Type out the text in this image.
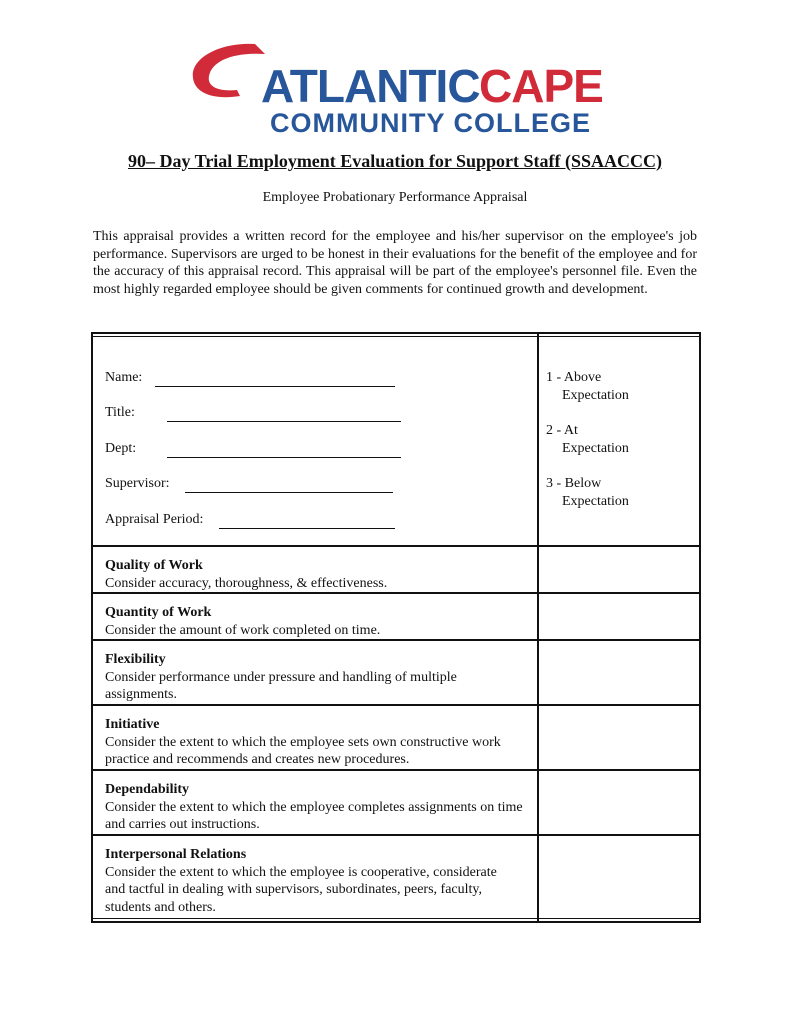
ATLANTIC CAPE
COMMUNITY COLLEGE
90– Day Trial Employment Evaluation for Support Staff (SSAACCC)
Employee Probationary Performance Appraisal

This appraisal provides a written record for the employee and his/her supervisor on the employee's job performance. Supervisors are urged to be honest in their evaluations for the benefit of the employee and for the accuracy of this appraisal record. This appraisal will be part of the employee's personnel file. Even the most highly regarded employee should be given comments for continued growth and development.

Name:
Title:
Dept:
Supervisor:
Appraisal Period:
1 - Above
Expectation
2 - At
Expectation
3 - Below
Expectation
Quality of Work
Consider accuracy, thoroughness, & effectiveness.
Quantity of Work
Consider the amount of work completed on time.
Flexibility
Consider performance under pressure and handling of multiple assignments.
Initiative
Consider the extent to which the employee sets own constructive work practice and recommends and creates new procedures.
Dependability
Consider the extent to which the employee completes assignments on time and carries out instructions.
Interpersonal Relations
Consider the extent to which the employee is cooperative, considerate and tactful in dealing with supervisors, subordinates, peers, faculty, students and others.
